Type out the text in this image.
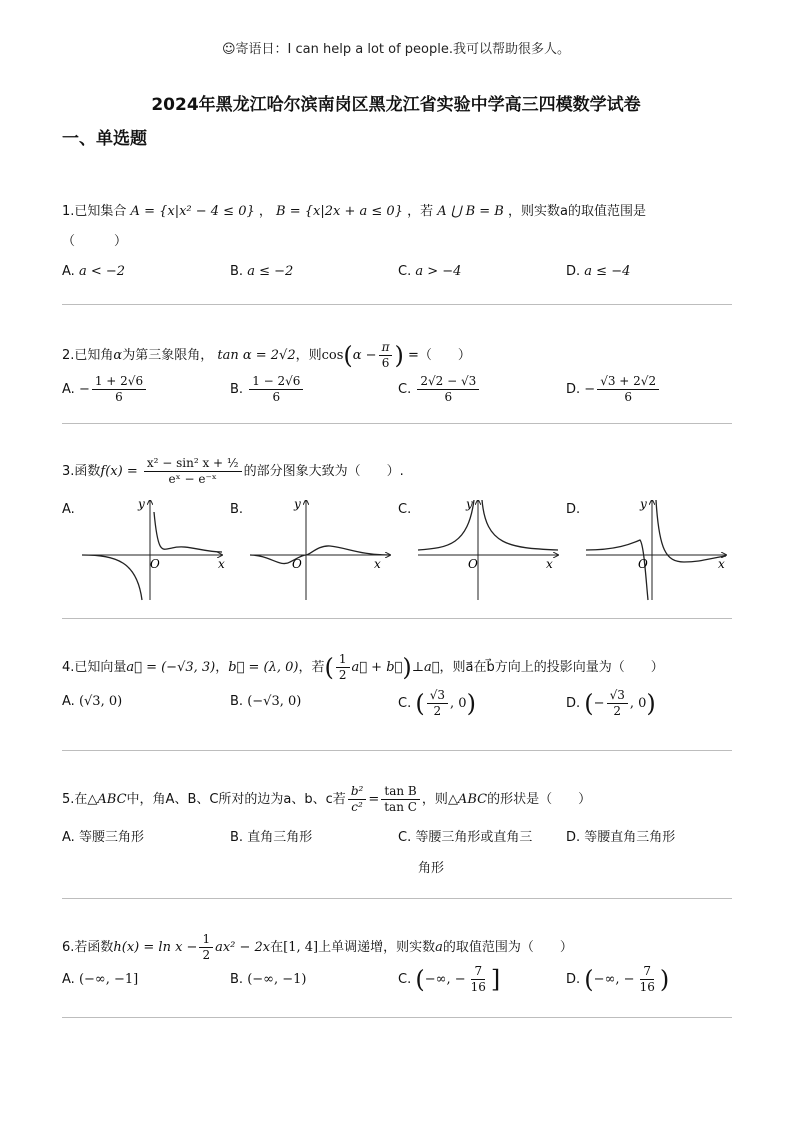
☺寄语日：I can help a lot of people.我可以帮助很多人。
2024年黑龙江哈尔滨南岗区黑龙江省实验中学高三四模数学试卷
一、单选题
1.已知集合 A = {x|x² − 4 ≤ 0} ， B = {x|2x + a ≤ 0} ，若 A ⋃ B = B ，则实数a的取值范围是
（　　　）
A. a < −2	B. a ≤ −2	C. a > −4	D. a ≤ −4
2.已知角α为第三象限角， tan α = 2√2，则$\cos(\alpha - \frac{\pi}{6}$ ) =（　　）
A. − $\frac{1 + 2√6}{6}$	B. $\frac{1 - 2√6}{6}$	C. $\frac{2√2 - √3}{6}$	D. − $\frac{√3 + 2√2}{6}$
3.函数$f(x) = \frac{\text{x² − sin² x + ½}}{\text{eˣ − e⁻ˣ}}$ 的部分图象大致为（　　）.
A.	B.	C.	D.
x
y
O	x
y
O	x
y
O	x
y
O
4.已知向量a⃗ = (−√3, 3)，b⃗ = (λ, 0)，若( $\frac{1}{2}$ a⃗ + b⃗)⊥a⃗，则a⃗在b⃗方向上的投影向量为（　　）
A. (√3, 0)	B. (−√3, 0)	C. ( $\frac{√3}{2}$ , 0)	D. (− $\frac{√3}{2}$ , 0)
5.在△ABC中，角A、B、C所对的边为a、b、c若 $\frac{\text{b²}}{\text{c²}} = \frac{\text{tan B}}{\text{tan C}}$ ，则△ABC的形状是（　　）
A. 等腰三角形	B. 直角三角形	C. 等腰三角形或直角三
角形
D. 等腰直角三角形
6.若函数$h(x) = \ln x - \frac{1}{2} ax^2 - 2x$在[1, 4]上单调递增，则实数a的取值范围为（　　）
A. (−∞, −1]	B. (−∞, −1)	C. (−∞, − $\frac{7}{16}$ ]	D. (−∞, − $\frac{7}{16}$ )
